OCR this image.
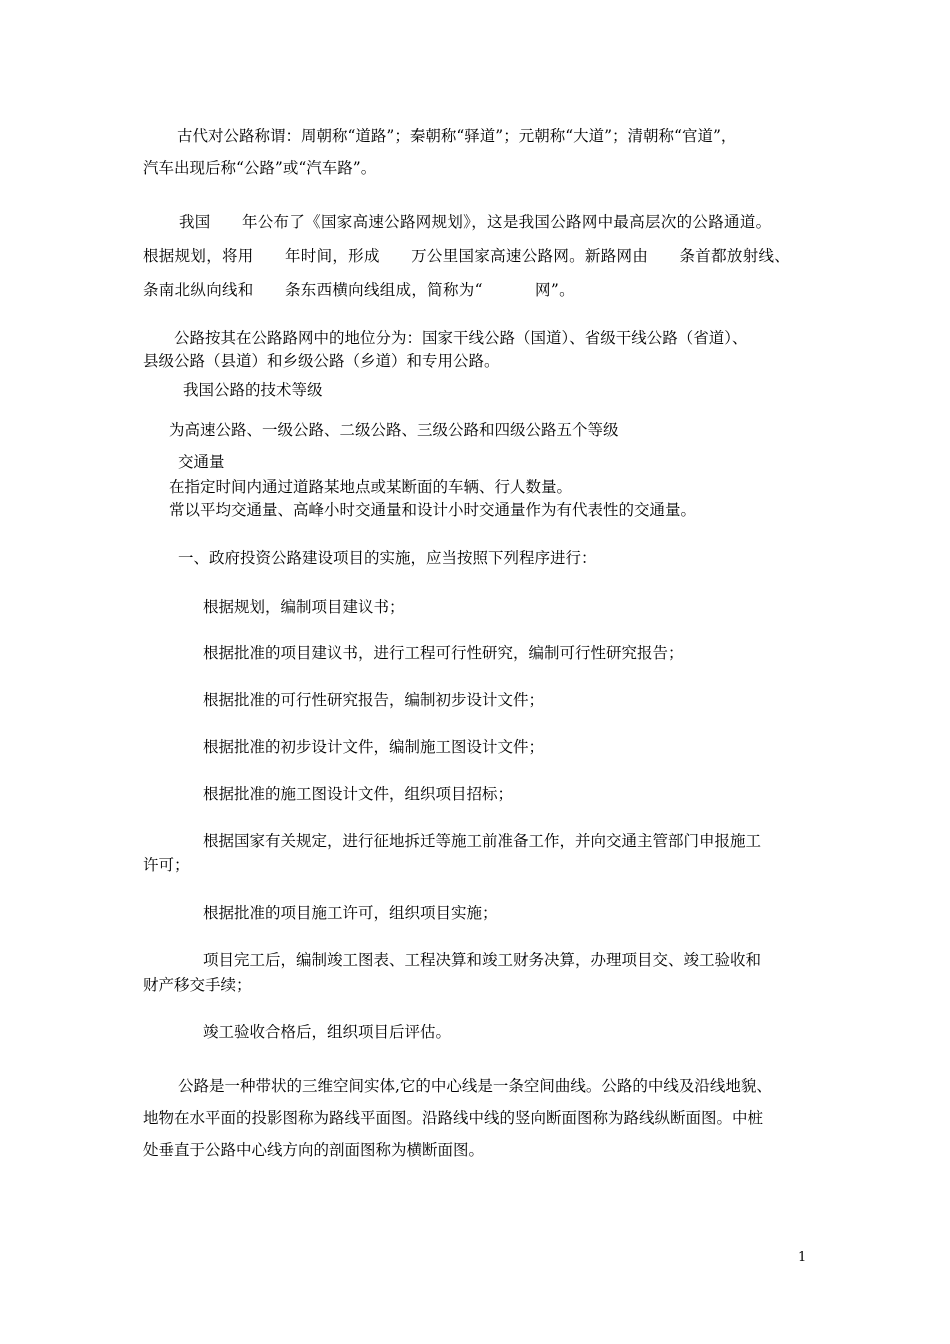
古代对公路称谓：周朝称“道路”；秦朝称“驿道”；元朝称“大道”；清朝称“官道”，
汽车出现后称“公路”或“汽车路”。
我国      年公布了《国家高速公路网规划》，这是我国公路网中最高层次的公路通道。
根据规划，将用      年时间，形成      万公里国家高速公路网。新路网由      条首都放射线、
条南北纵向线和      条东西横向线组成，简称为“          网”。
公路按其在公路路网中的地位分为：国家干线公路（国道）、省级干线公路（省道）、
县级公路（县道）和乡级公路（乡道）和专用公路。
我国公路的技术等级
为高速公路、一级公路、二级公路、三级公路和四级公路五个等级
交通量
在指定时间内通过道路某地点或某断面的车辆、行人数量。
常以平均交通量、高峰小时交通量和设计小时交通量作为有代表性的交通量。
一、政府投资公路建设项目的实施，应当按照下列程序进行：
根据规划，编制项目建议书；
根据批准的项目建议书，进行工程可行性研究，编制可行性研究报告；
根据批准的可行性研究报告，编制初步设计文件；
根据批准的初步设计文件，编制施工图设计文件；
根据批准的施工图设计文件，组织项目招标；
根据国家有关规定，进行征地拆迁等施工前准备工作，并向交通主管部门申报施工
许可；
根据批准的项目施工许可，组织项目实施；
项目完工后，编制竣工图表、工程决算和竣工财务决算，办理项目交、竣工验收和
财产移交手续；
竣工验收合格后，组织项目后评估。
公路是一种带状的三维空间实体,它的中心线是一条空间曲线。公路的中线及沿线地貌、
地物在水平面的投影图称为路线平面图。沿路线中线的竖向断面图称为路线纵断面图。中桩
处垂直于公路中心线方向的剖面图称为横断面图。
1
